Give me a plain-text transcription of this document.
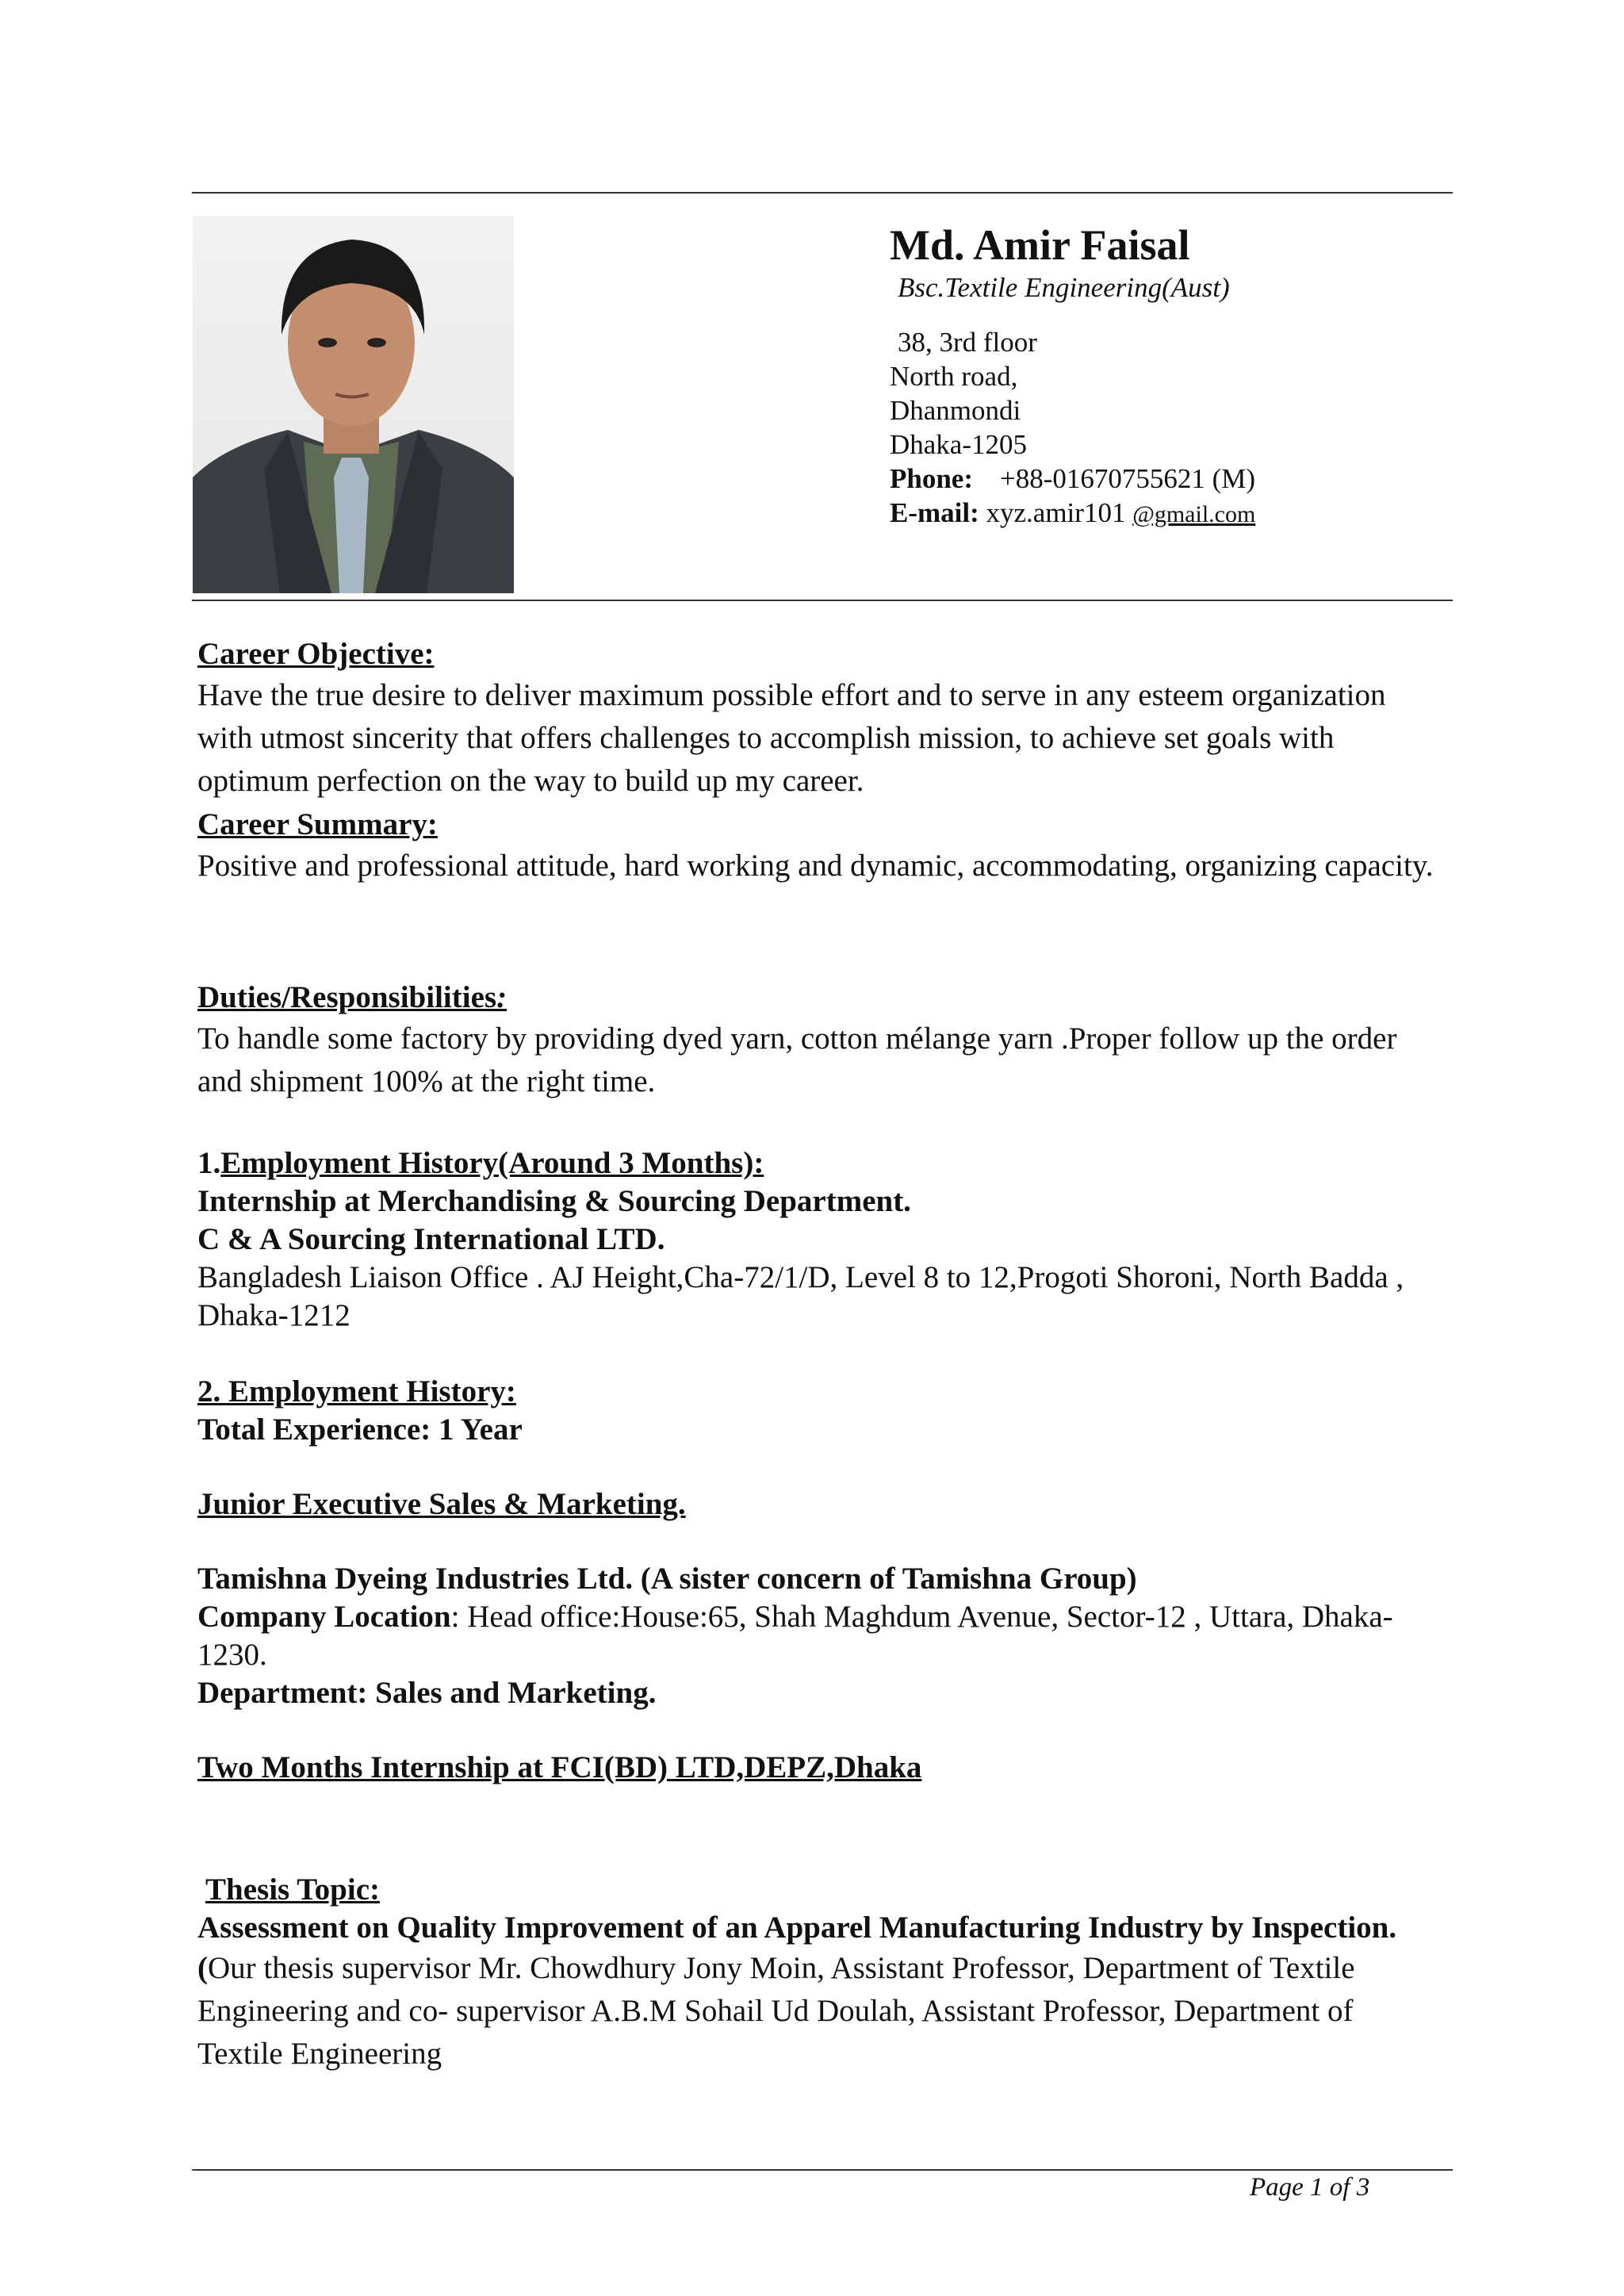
Md. Amir Faisal
Bsc.Textile Engineering(Aust)
38, 3rd floor
North road,
Dhanmondi
Dhaka-1205
Phone: +88-01670755621 (M)
E-mail: xyz.amir101 @gmail.com
Career Objective:
Have the true desire to deliver maximum possible effort and to serve in any esteem organization with utmost sincerity that offers challenges to accomplish mission, to achieve set goals with optimum perfection on the way to build up my career.
Career Summary:
Positive and professional attitude, hard working and dynamic, accommodating, organizing capacity.
Duties/Responsibilities:
To handle some factory by providing dyed yarn, cotton mélange yarn .Proper follow up the order and shipment 100% at the right time.
1.Employment History(Around 3 Months):
Internship at Merchandising & Sourcing Department.
C & A Sourcing International LTD.
Bangladesh Liaison Office . AJ Height,Cha-72/1/D, Level 8 to 12,Progoti Shoroni, North Badda , Dhaka-1212
2. Employment History:
Total Experience: 1 Year
Junior Executive Sales & Marketing.
Tamishna Dyeing Industries Ltd. (A sister concern of Tamishna Group)
Company Location: Head office:House:65, Shah Maghdum Avenue, Sector-12 , Uttara, Dhaka-1230.
Department: Sales and Marketing.
Two Months Internship at FCI(BD) LTD,DEPZ,Dhaka
Thesis Topic:
Assessment on Quality Improvement of an Apparel Manufacturing Industry by Inspection.
(Our thesis supervisor Mr. Chowdhury Jony Moin, Assistant Professor, Department of Textile Engineering and co- supervisor A.B.M Sohail Ud Doulah, Assistant Professor, Department of Textile Engineering
Page 1 of 3
